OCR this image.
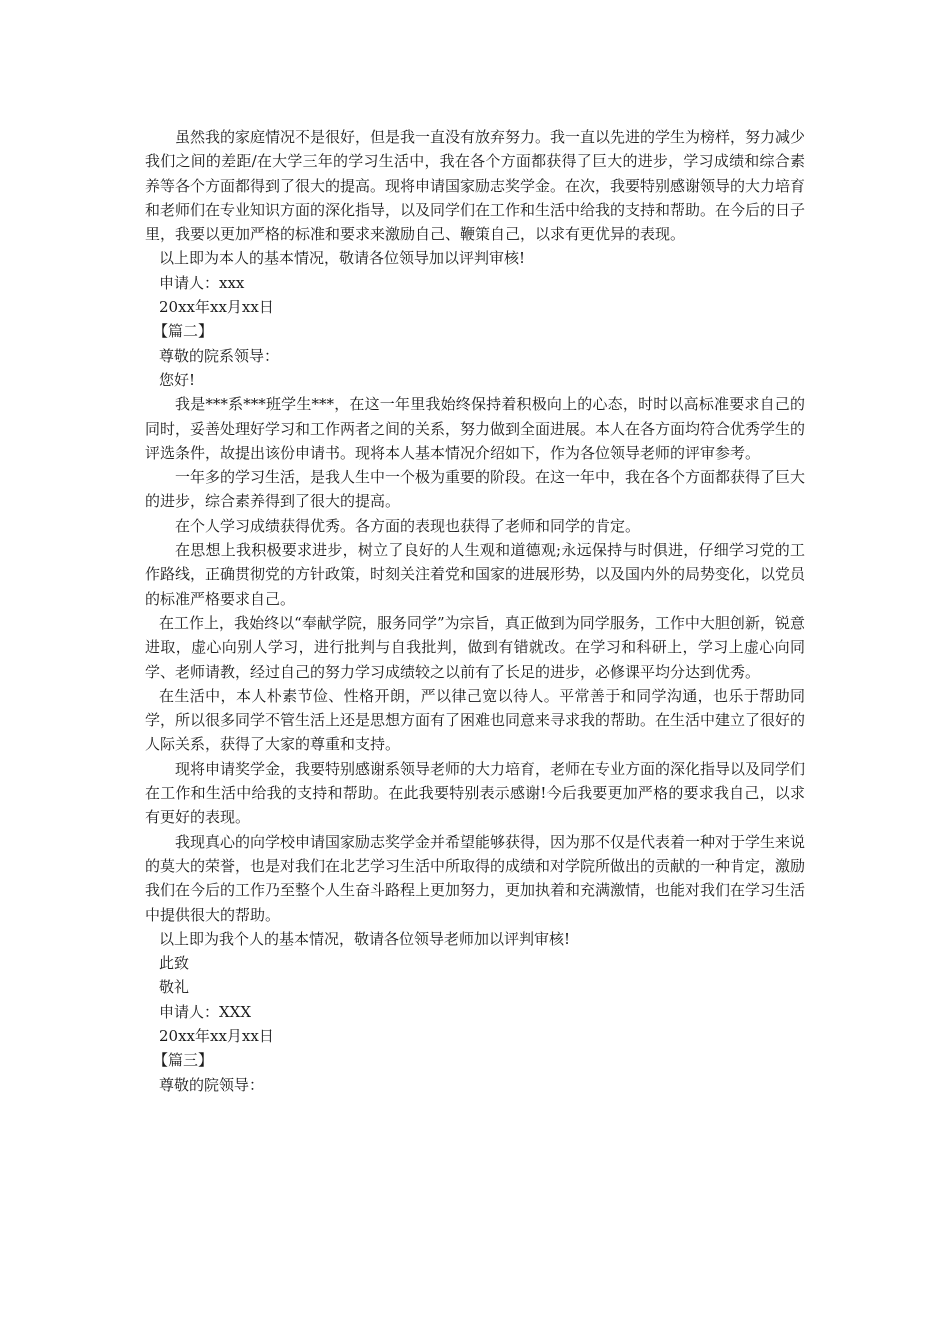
虽然我的家庭情况不是很好，但是我一直没有放弃努力。我一直以先进的学生为榜样，努力减少我们之间的差距/在大学三年的学习生活中，我在各个方面都获得了巨大的进步，学习成绩和综合素养等各个方面都得到了很大的提高。现将申请国家励志奖学金。在次，我要特别感谢领导的大力培育和老师们在专业知识方面的深化指导，以及同学们在工作和生活中给我的支持和帮助。在今后的日子里，我要以更加严格的标准和要求来激励自己、鞭策自己，以求有更优异的表现。

以上即为本人的基本情况，敬请各位领导加以评判审核!

申请人：xxx

20xx年xx月xx日

【篇二】

尊敬的院系领导：

您好!

我是***系***班学生***，在这一年里我始终保持着积极向上的心态，时时以高标准要求自己的同时，妥善处理好学习和工作两者之间的关系，努力做到全面进展。本人在各方面均符合优秀学生的评选条件，故提出该份申请书。现将本人基本情况介绍如下，作为各位领导老师的评审参考。

一年多的学习生活，是我人生中一个极为重要的阶段。在这一年中，我在各个方面都获得了巨大的进步，综合素养得到了很大的提高。

在个人学习成绩获得优秀。各方面的表现也获得了老师和同学的肯定。

在思想上我积极要求进步，树立了良好的人生观和道德观;永远保持与时俱进，仔细学习党的工作路线，正确贯彻党的方针政策，时刻关注着党和国家的进展形势，以及国内外的局势变化，以党员的标准严格要求自己。

在工作上，我始终以“奉献学院，服务同学”为宗旨，真正做到为同学服务，工作中大胆创新，锐意进取，虚心向别人学习，进行批判与自我批判，做到有错就改。在学习和科研上，学习上虚心向同学、老师请教，经过自己的努力学习成绩较之以前有了长足的进步，必修课平均分达到优秀。

在生活中，本人朴素节俭、性格开朗，严以律己宽以待人。平常善于和同学沟通，也乐于帮助同学，所以很多同学不管生活上还是思想方面有了困难也同意来寻求我的帮助。在生活中建立了很好的人际关系，获得了大家的尊重和支持。

现将申请奖学金，我要特别感谢系领导老师的大力培育，老师在专业方面的深化指导以及同学们在工作和生活中给我的支持和帮助。在此我要特别表示感谢!今后我要更加严格的要求我自己，以求有更好的表现。

我现真心的向学校申请国家励志奖学金并希望能够获得，因为那不仅是代表着一种对于学生来说的莫大的荣誉，也是对我们在北艺学习生活中所取得的成绩和对学院所做出的贡献的一种肯定，激励我们在今后的工作乃至整个人生奋斗路程上更加努力，更加执着和充满激情，也能对我们在学习生活中提供很大的帮助。

以上即为我个人的基本情况，敬请各位领导老师加以评判审核!

此致

敬礼

申请人：XXX

20xx年xx月xx日

【篇三】

尊敬的院领导：
